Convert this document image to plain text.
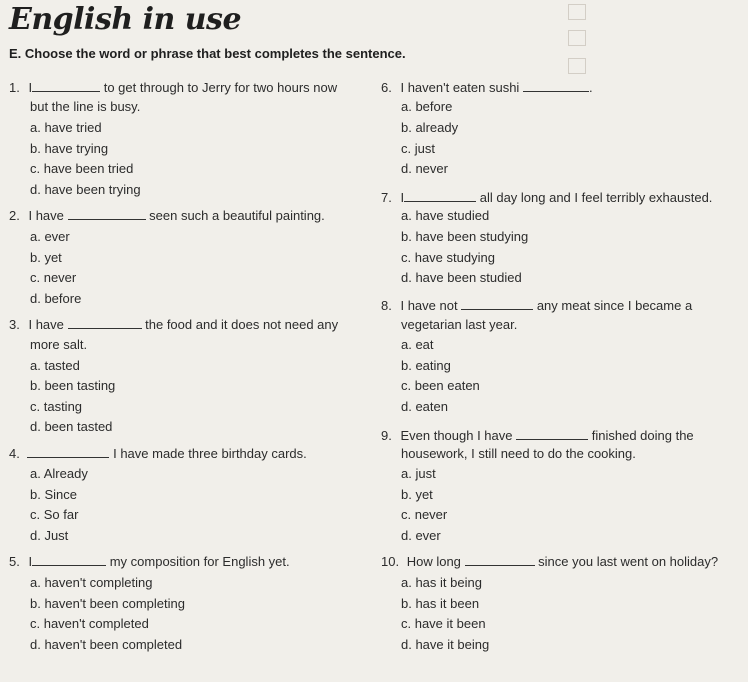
English in use
E. Choose the word or phrase that best completes the sentence.
1. I	to get through to Jerry for two hours now
but the line is busy.
a. have tried
b. have trying
c. have been tried
d. have been trying
2. I have	seen such a beautiful painting.
a. ever
b. yet
c. never
d. before
3. I have	the food and it does not need any
more salt.
a. tasted
b. been tasting
c. tasting
d. been tasted
4.	I have made three birthday cards.
a. Already
b. Since
c. So far
d. Just
5. I	my composition for English yet.
a. haven't completing
b. haven't been completing
c. haven't completed
d. haven't been completed
6. I haven't eaten sushi	.
a. before
b. already
c. just
d. never
7. I	all day long and I feel terribly exhausted.
a. have studied
b. have been studying
c. have studying
d. have been studied
8. I have not	any meat since I became a
vegetarian last year.
a. eat
b. eating
c. been eaten
d. eaten
9. Even though I have	finished doing the
housework, I still need to do the cooking.
a. just
b. yet
c. never
d. ever
10. How long	since you last went on holiday?
a. has it being
b. has it been
c. have it been
d. have it being
